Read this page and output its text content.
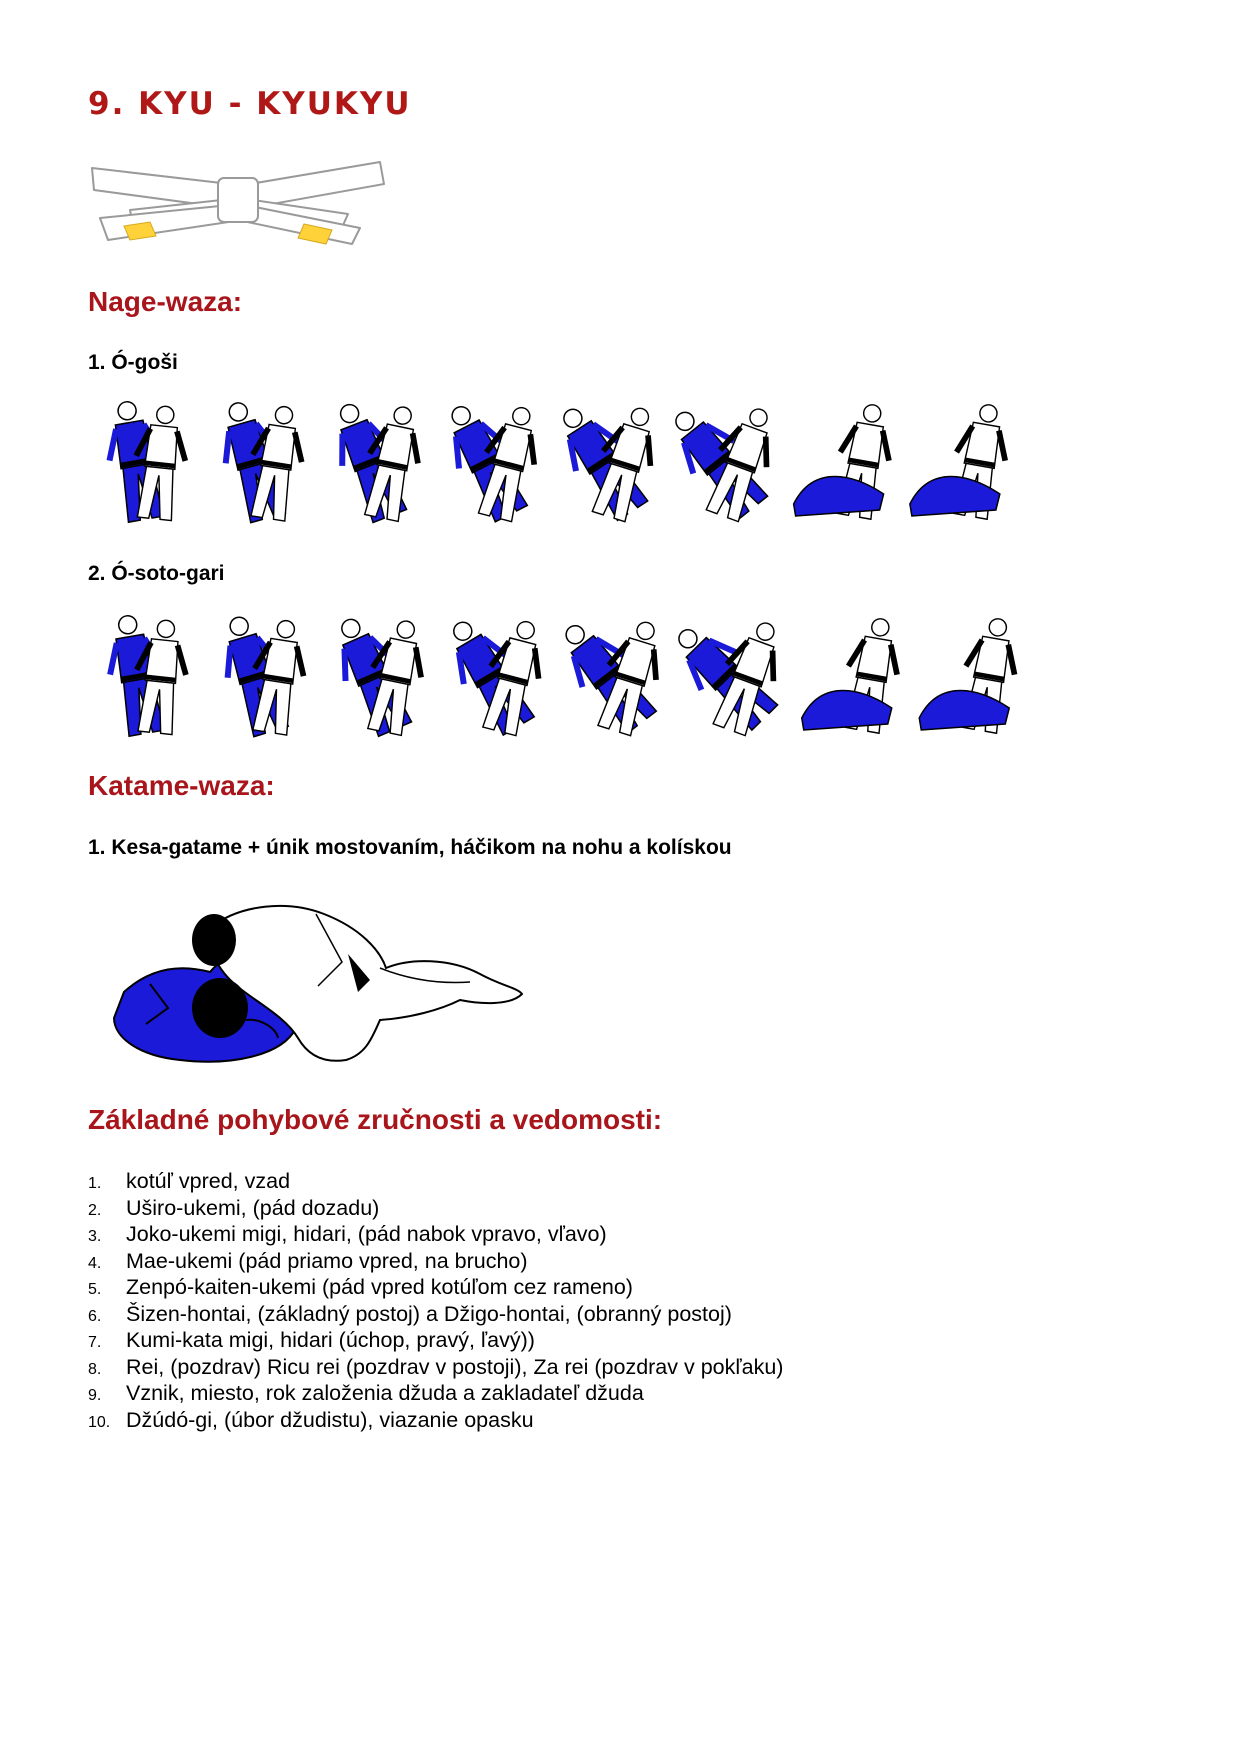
9. KYU - KYUKYU
Nage-waza:
1. Ó-goši
2. Ó-soto-gari
Katame-waza:
1. Kesa-gatame + únik mostovaním, háčikom na nohu a kolískou
Základné pohybové zručnosti a vedomosti:
1. kotúľ vpred, vzad
2. Uširo-ukemi, (pád dozadu)
3. Joko-ukemi migi, hidari, (pád nabok vpravo, vľavo)
4. Mae-ukemi (pád priamo vpred, na brucho)
5. Zenpó-kaiten-ukemi (pád vpred kotúľom cez rameno)
6. Šizen-hontai, (základný postoj) a Džigo-hontai, (obranný postoj)
7. Kumi-kata migi, hidari (úchop, pravý, ľavý))
8. Rei, (pozdrav) Ricu rei (pozdrav v postoji), Za rei (pozdrav v pokľaku)
9. Vznik, miesto, rok založenia džuda a zakladateľ džuda
10. Džúdó-gi, (úbor džudistu), viazanie opasku
